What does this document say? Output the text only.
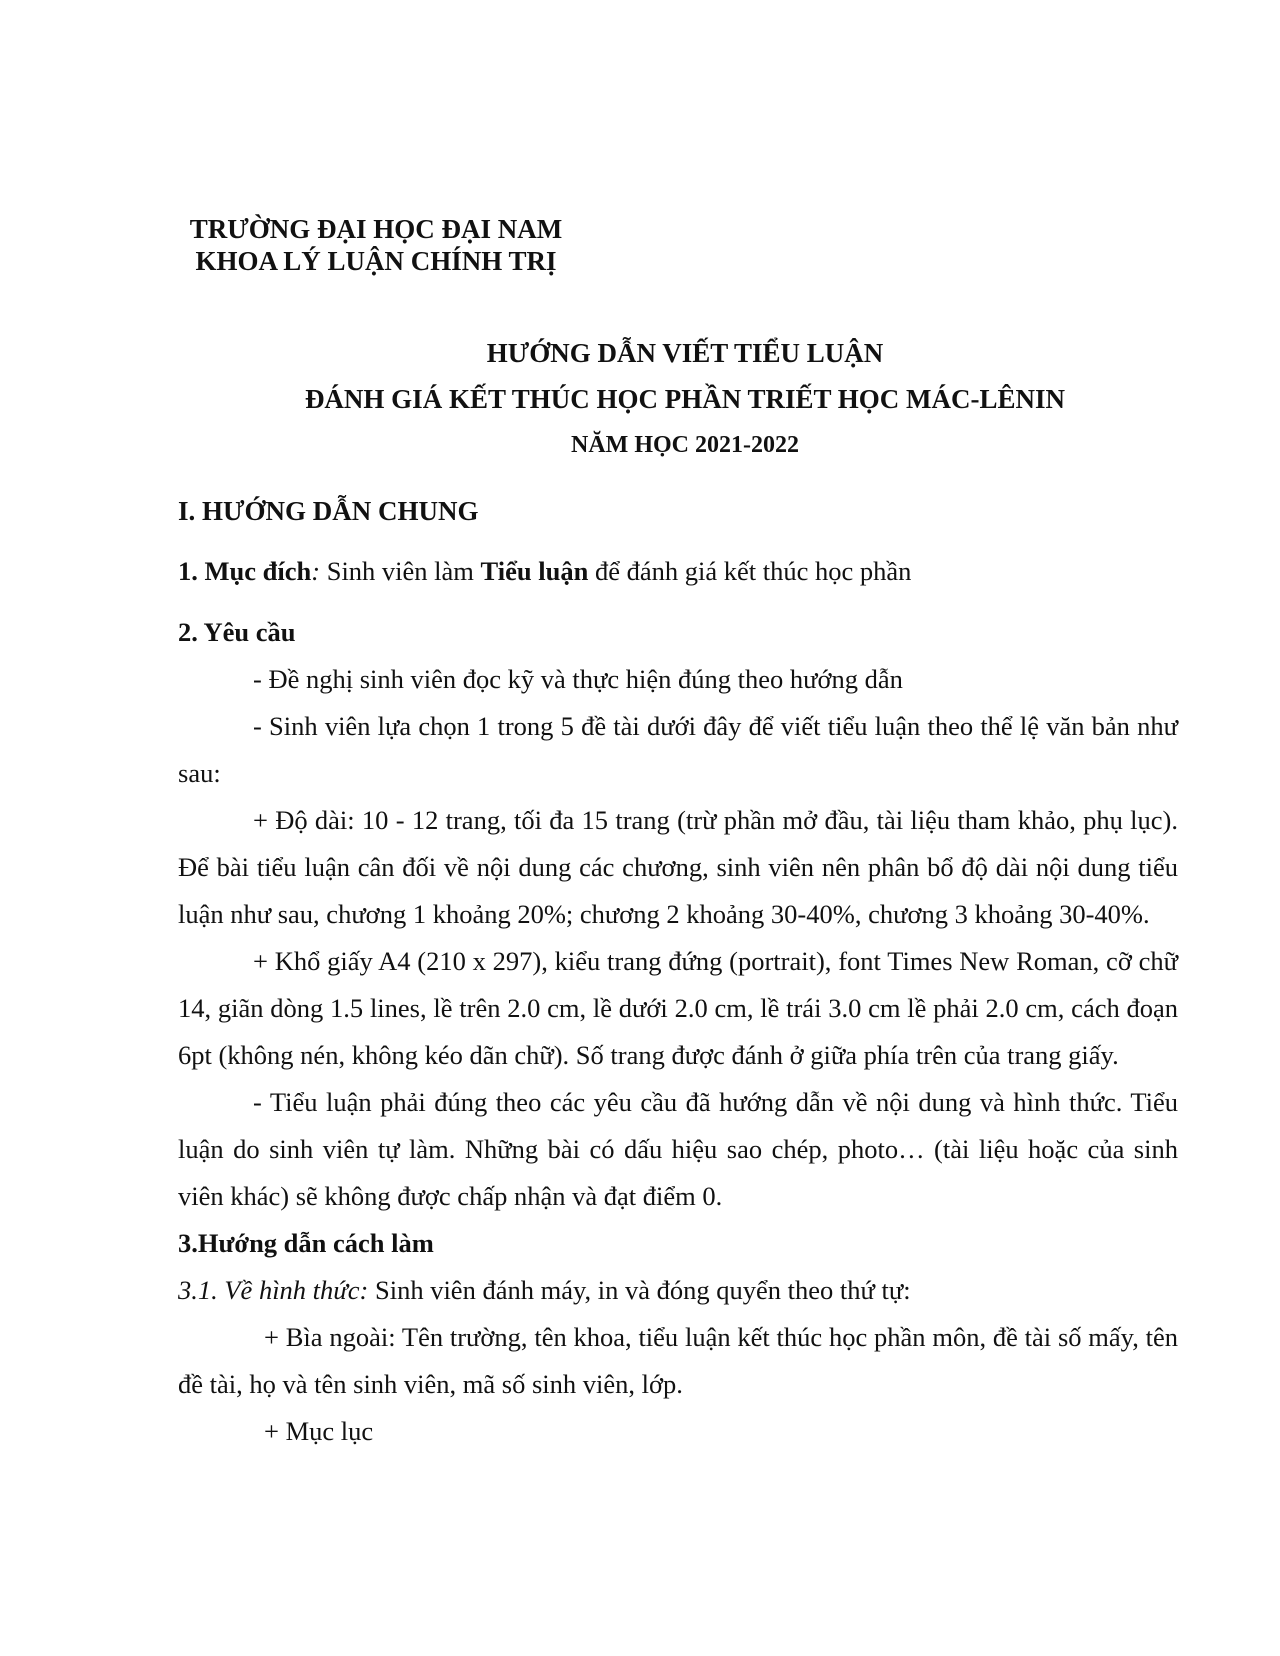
TRƯỜNG ĐẠI HỌC ĐẠI NAM
KHOA LÝ LUẬN CHÍNH TRỊ
HƯỚNG DẪN VIẾT TIỂU LUẬN
ĐÁNH GIÁ KẾT THÚC HỌC PHẦN TRIẾT HỌC MÁC-LÊNIN
NĂM HỌC 2021-2022
I. HƯỚNG DẪN CHUNG

1. Mục đích: Sinh viên làm Tiểu luận để đánh giá kết thúc học phần

2. Yêu cầu

- Đề nghị sinh viên đọc kỹ và thực hiện đúng theo hướng dẫn

- Sinh viên lựa chọn 1 trong 5 đề tài dưới đây để viết tiểu luận theo thể lệ văn bản như sau:

+ Độ dài: 10 - 12 trang, tối đa 15 trang (trừ phần mở đầu, tài liệu tham khảo, phụ lục). Để bài tiểu luận cân đối về nội dung các chương, sinh viên nên phân bổ độ dài nội dung tiểu luận như sau, chương 1 khoảng 20%; chương 2 khoảng 30-40%, chương 3 khoảng 30-40%.

+ Khổ giấy A4 (210 x 297), kiểu trang đứng (portrait), font Times New Roman, cỡ chữ 14, giãn dòng 1.5 lines, lề trên 2.0 cm, lề dưới 2.0 cm, lề trái 3.0 cm lề phải 2.0 cm, cách đoạn 6pt (không nén, không kéo dãn chữ). Số trang được đánh ở giữa phía trên của trang giấy.

- Tiểu luận phải đúng theo các yêu cầu đã hướng dẫn về nội dung và hình thức. Tiểu luận do sinh viên tự làm. Những bài có dấu hiệu sao chép, photo… (tài liệu hoặc của sinh viên khác) sẽ không được chấp nhận và đạt điểm 0.

3.Hướng dẫn cách làm

3.1. Về hình thức: Sinh viên đánh máy, in và đóng quyển theo thứ tự:

+ Bìa ngoài: Tên trường, tên khoa, tiểu luận kết thúc học phần môn, đề tài số mấy, tên đề tài, họ và tên sinh viên, mã số sinh viên, lớp.

+ Mục lục
